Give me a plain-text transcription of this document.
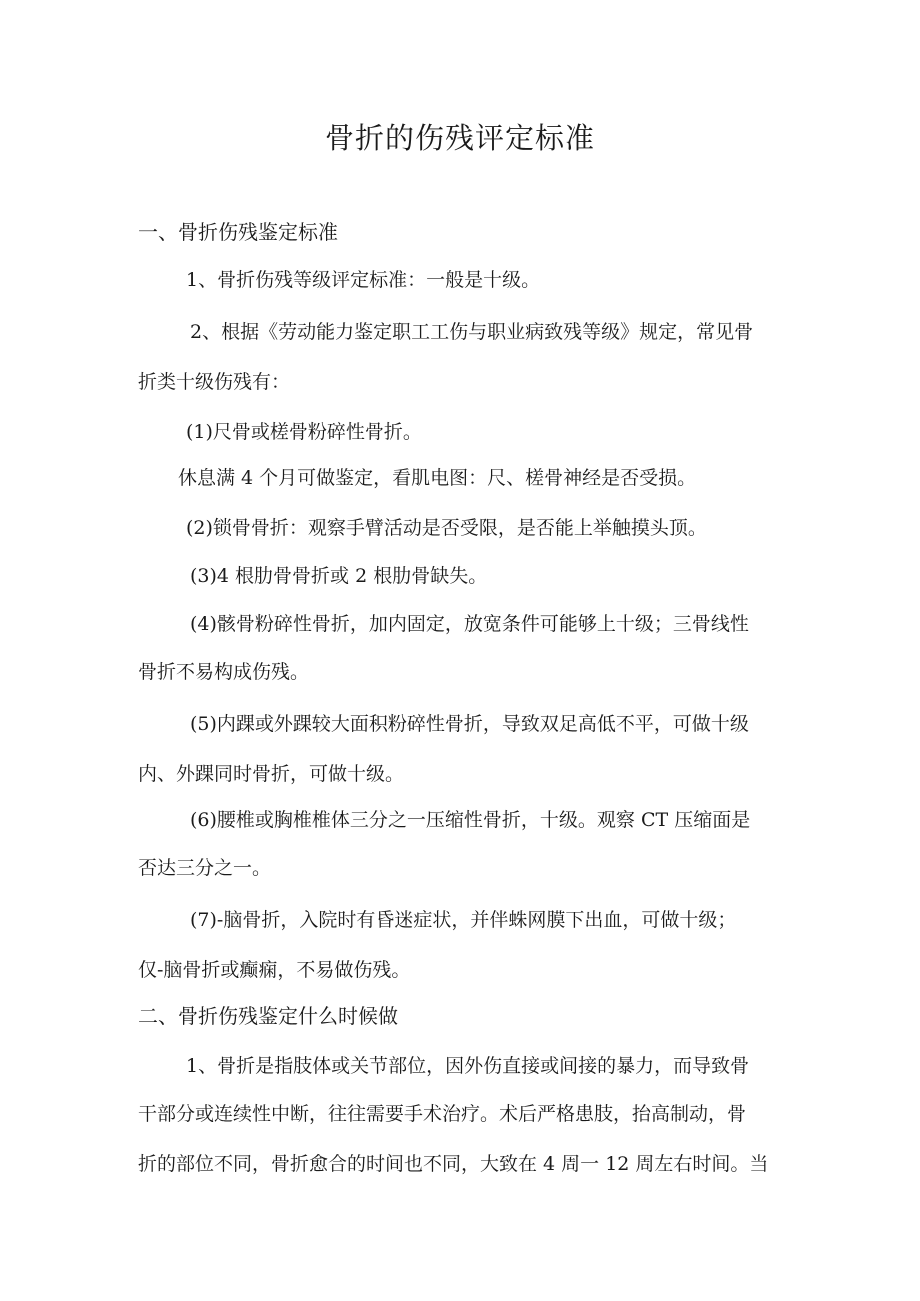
骨折的伤残评定标准
一、骨折伤残鉴定标准
1、骨折伤残等级评定标准：一般是十级。
2、根据《劳动能力鉴定职工工伤与职业病致残等级》规定，常见骨
折类十级伤残有：
(1)尺骨或槎骨粉碎性骨折。
休息满 4 个月可做鉴定，看肌电图：尺、槎骨神经是否受损。
(2)锁骨骨折：观察手臂活动是否受限，是否能上举触摸头顶。
(3)4 根肋骨骨折或 2 根肋骨缺失。
(4)骸骨粉碎性骨折，加内固定，放宽条件可能够上十级；三骨线性
骨折不易构成伤残。
(5)内踝或外踝较大面积粉碎性骨折，导致双足高低不平，可做十级
内、外踝同时骨折，可做十级。
(6)腰椎或胸椎椎体三分之一压缩性骨折，十级。观察 CT 压缩面是
否达三分之一。
(7)-脑骨折，入院时有昏迷症状，并伴蛛网膜下出血，可做十级；
仅-脑骨折或癫痫，不易做伤残。
二、骨折伤残鉴定什么时候做
1、骨折是指肢体或关节部位，因外伤直接或间接的暴力，而导致骨
干部分或连续性中断，往往需要手术治疗。术后严格患肢，抬高制动，骨
折的部位不同，骨折愈合的时间也不同，大致在 4 周一 12 周左右时间。当
